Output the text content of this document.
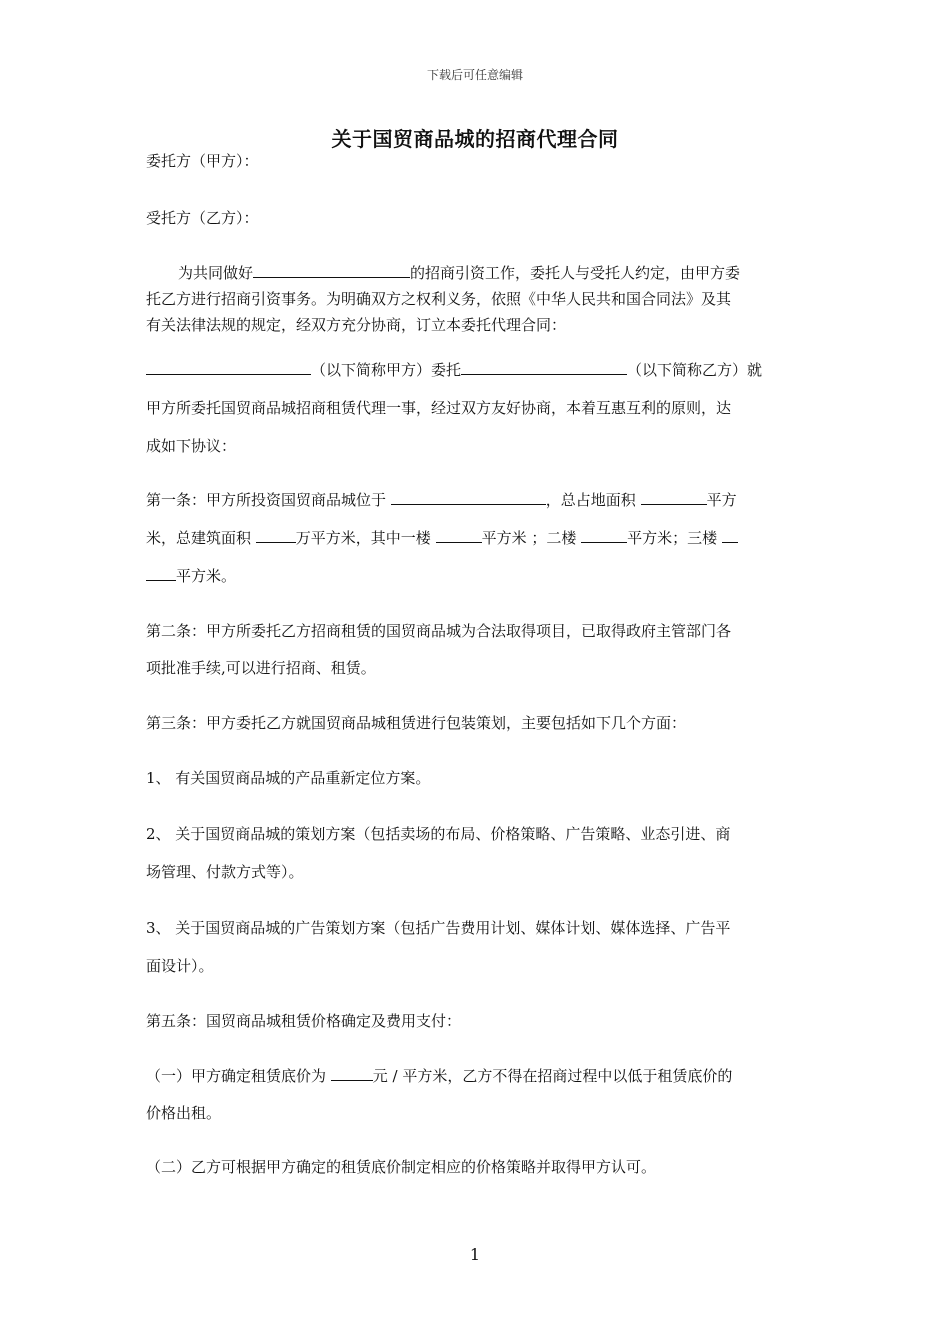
下载后可任意编辑
关于国贸商品城的招商代理合同
委托方（甲方）：
受托方（乙方）：
为共同做好	的招商引资工作，委托人与受托人约定，由甲方委
托乙方进行招商引资事务。为明确双方之权利义务，依照《中华人民共和国合同法》及其
有关法律法规的规定，经双方充分协商，订立本委托代理合同：
（以下简称甲方）委托	（以下简称乙方）就
甲方所委托国贸商品城招商租赁代理一事，经过双方友好协商，本着互惠互利的原则，达
成如下协议：
第一条：甲方所投资国贸商品城位于	，总占地面积	平方
米，总建筑面积	万平方米，其中一楼	平方米 ；二楼	平方米；三楼
平方米。
第二条：甲方所委托乙方招商租赁的国贸商品城为合法取得项目，已取得政府主管部门各
项批准手续,可以进行招商、租赁。
第三条：甲方委托乙方就国贸商品城租赁进行包装策划，主要包括如下几个方面：
1、 有关国贸商品城的产品重新定位方案。
2、 关于国贸商品城的策划方案（包括卖场的布局、价格策略、广告策略、业态引进、商
场管理、付款方式等）。
3、 关于国贸商品城的广告策划方案（包括广告费用计划、媒体计划、媒体选择、广告平
面设计）。
第五条：国贸商品城租赁价格确定及费用支付：
（一）甲方确定租赁底价为	元 / 平方米，乙方不得在招商过程中以低于租赁底价的
价格出租。
（二）乙方可根据甲方确定的租赁底价制定相应的价格策略并取得甲方认可。
1
